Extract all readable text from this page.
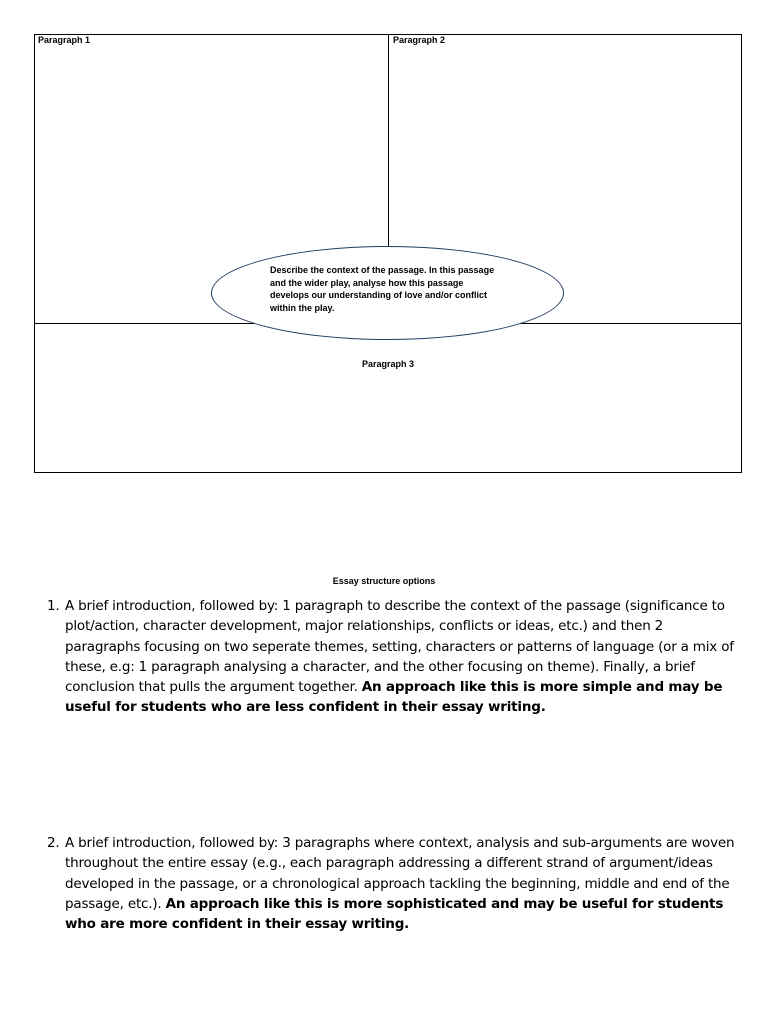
Paragraph 1	Paragraph 2
Paragraph 3
Describe the context of the passage. In this passage and the wider play, analyse how this passage develops our understanding of love and/or conflict within the play.
Essay structure options
1. A brief introduction, followed by: 1 paragraph to describe the context of the passage (significance to plot/action, character development, major relationships, conflicts or ideas, etc.) and then 2 paragraphs focusing on two seperate themes, setting, characters or patterns of language (or a mix of these, e.g: 1 paragraph analysing a character, and the other focusing on theme). Finally, a brief conclusion that pulls the argument together. An approach like this is more simple and may be useful for students who are less confident in their essay writing.
2. A brief introduction, followed by: 3 paragraphs where context, analysis and sub-arguments are woven throughout the entire essay (e.g., each paragraph addressing a different strand of argument/ideas developed in the passage, or a chronological approach tackling the beginning, middle and end of the passage, etc.). An approach like this is more sophisticated and may be useful for students who are more confident in their essay writing.
